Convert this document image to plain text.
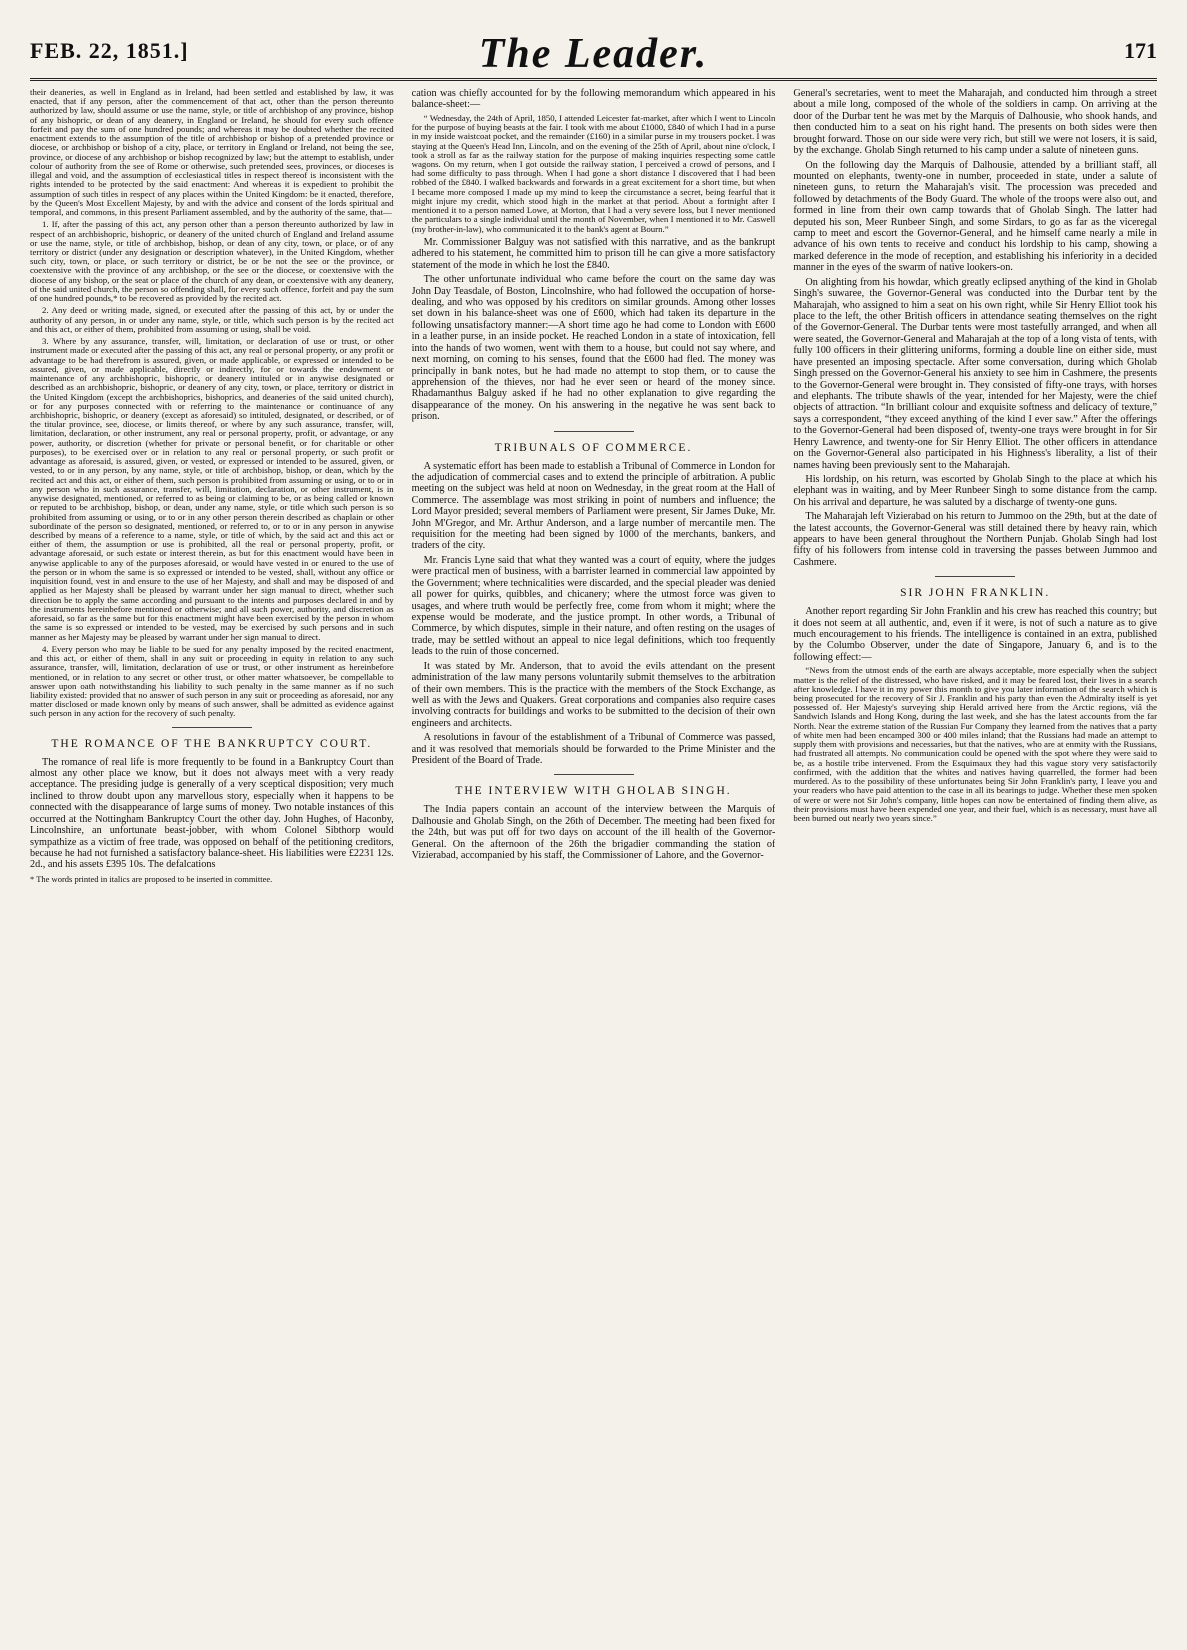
FEB. 22, 1851.]	The Leader.	171

their deaneries, as well in England as in Ireland, had been settled and established by law, it was enacted, that if any person, after the commencement of that act, other than the person thereunto authorized by law, should assume or use the name, style, or title of archbishop of any province, bishop of any bishopric, or dean of any deanery, in England or Ireland, he should for every such offence forfeit and pay the sum of one hundred pounds; and whereas it may be doubted whether the recited enactment extends to the assumption of the title of archbishop or bishop of a pretended province or diocese, or archbishop or bishop of a city, place, or territory in England or Ireland, not being the see, province, or diocese of any archbishop or bishop recognized by law; but the attempt to establish, under colour of authority from the see of Rome or otherwise, such pretended sees, provinces, or dioceses is illegal and void, and the assumption of ecclesiastical titles in respect thereof is inconsistent with the rights intended to be protected by the said enactment: And whereas it is expedient to prohibit the assumption of such titles in respect of any places within the United Kingdom: be it enacted, therefore, by the Queen's Most Excellent Majesty, by and with the advice and consent of the lords spiritual and temporal, and commons, in this present Parliament assembled, and by the authority of the same, that—

1. If, after the passing of this act, any person other than a person thereunto authorized by law in respect of an archbishopric, bishopric, or deanery of the united church of England and Ireland assume or use the name, style, or title of archbishop, bishop, or dean of any city, town, or place, or of any territory or district (under any designation or description whatever), in the United Kingdom, whether such city, town, or place, or such territory or district, be or be not the see or the province, or coextensive with the province of any archbishop, or the see or the diocese, or coextensive with the diocese of any bishop, or the seat or place of the church of any dean, or coextensive with any deanery, of the said united church, the person so offending shall, for every such offence, forfeit and pay the sum of one hundred pounds,* to be recovered as provided by the recited act.

2. Any deed or writing made, signed, or executed after the passing of this act, by or under the authority of any person, in or under any name, style, or title, which such person is by the recited act and this act, or either of them, prohibited from assuming or using, shall be void.

3. Where by any assurance, transfer, will, limitation, or declaration of use or trust, or other instrument made or executed after the passing of this act, any real or personal property, or any profit or advantage to be had therefrom is assured, given, or made applicable, or expressed or intended to be assured, given, or made applicable, directly or indirectly, for or towards the endowment or maintenance of any archbishopric, bishopric, or deanery intituled or in anywise designated or described as an archbishopric, bishopric, or deanery of any city, town, or place, territory or district in the United Kingdom (except the archbishoprics, bishoprics, and deaneries of the said united church), or for any purposes connected with or referring to the maintenance or continuance of any archbishopric, bishopric, or deanery (except as aforesaid) so intituled, designated, or described, or of the titular province, see, diocese, or limits thereof, or where by any such assurance, transfer, will, limitation, declaration, or other instrument, any real or personal property, profit, or advantage, or any power, authority, or discretion (whether for private or personal benefit, or for charitable or other purposes), to be exercised over or in relation to any real or personal property, or such profit or advantage as aforesaid, is assured, given, or vested, or expressed or intended to be assured, given, or vested, to or in any person, by any name, style, or title of archbishop, bishop, or dean, which by the recited act and this act, or either of them, such person is prohibited from assuming or using, or to or in any person who in such assurance, transfer, will, limitation, declaration, or other instrument, is in anywise designated, mentioned, or referred to as being or claiming to be, or as being called or known or reputed to be archbishop, bishop, or dean, under any name, style, or title which such person is so prohibited from assuming or using, or to or in any other person therein described as chaplain or other subordinate of the person so designated, mentioned, or referred to, or to or in any person in anywise described by means of a reference to a name, style, or title of which, by the said act and this act or either of them, the assumption or use is prohibited, all the real or personal property, profit, or advantage aforesaid, or such estate or interest therein, as but for this enactment would have been in anywise applicable to any of the purposes aforesaid, or would have vested in or enured to the use of the person or in whom the same is so expressed or intended to be vested, shall, without any office or inquisition found, vest in and ensure to the use of her Majesty, and shall and may be disposed of and applied as her Majesty shall be pleased by warrant under her sign manual to direct, whether such direction be to apply the same according and pursuant to the intents and purposes declared in and by the instruments hereinbefore mentioned or otherwise; and all such power, authority, and discretion as aforesaid, so far as the same but for this enactment might have been exercised by the person in whom the same is so expressed or intended to be vested, may be exercised by such persons and in such manner as her Majesty may be pleased by warrant under her sign manual to direct.

4. Every person who may be liable to be sued for any penalty imposed by the recited enactment, and this act, or either of them, shall in any suit or proceeding in equity in relation to any such assurance, transfer, will, limitation, declaration of use or trust, or other instrument as hereinbefore mentioned, or in relation to any secret or other trust, or other matter whatsoever, be compellable to answer upon oath notwithstanding his liability to such penalty in the same manner as if no such liability existed: provided that no answer of such person in any suit or proceeding as aforesaid, nor any matter disclosed or made known only by means of such answer, shall be admitted as evidence against such person in any action for the recovery of such penalty.

THE ROMANCE OF THE BANKRUPTCY COURT.

The romance of real life is more frequently to be found in a Bankruptcy Court than almost any other place we know, but it does not always meet with a very ready acceptance. The presiding judge is generally of a very sceptical disposition; very much inclined to throw doubt upon any marvellous story, especially when it happens to be connected with the disappearance of large sums of money. Two notable instances of this occurred at the Nottingham Bankruptcy Court the other day. John Hughes, of Haconby, Lincolnshire, an unfortunate beast-jobber, with whom Colonel Sibthorp would sympathize as a victim of free trade, was opposed on behalf of the petitioning creditors, because he had not furnished a satisfactory balance-sheet. His liabilities were £2231 12s. 2d., and his assets £395 10s. The defalcations

* The words printed in italics are proposed to be inserted in committee.

cation was chiefly accounted for by the following memorandum which appeared in his balance-sheet:—

“ Wednesday, the 24th of April, 1850, I attended Leicester fat-market, after which I went to Lincoln for the purpose of buying beasts at the fair. I took with me about £1000, £840 of which I had in a purse in my inside waistcoat pocket, and the remainder (£160) in a similar purse in my trousers pocket. I was staying at the Queen's Head Inn, Lincoln, and on the evening of the 25th of April, about nine o'clock, I took a stroll as far as the railway station for the purpose of making inquiries respecting some cattle wagons. On my return, when I got outside the railway station, I perceived a crowd of persons, and I had some difficulty to pass through. When I had gone a short distance I discovered that I had been robbed of the £840. I walked backwards and forwards in a great excitement for a short time, but when I became more composed I made up my mind to keep the circumstance a secret, being fearful that it might injure my credit, which stood high in the market at that period. About a fortnight after I mentioned it to a person named Lowe, at Morton, that I had a very severe loss, but I never mentioned the particulars to a single individual until the month of November, when I mentioned it to Mr. Caswell (my brother-in-law), who communicated it to the bank's agent at Bourn.”

Mr. Commissioner Balguy was not satisfied with this narrative, and as the bankrupt adhered to his statement, he committed him to prison till he can give a more satisfactory statement of the mode in which he lost the £840.

The other unfortunate individual who came before the court on the same day was John Day Teasdale, of Boston, Lincolnshire, who had followed the occupation of horse-dealing, and who was opposed by his creditors on similar grounds. Among other losses set down in his balance-sheet was one of £600, which had taken its departure in the following unsatisfactory manner:—A short time ago he had come to London with £600 in a leather purse, in an inside pocket. He reached London in a state of intoxication, fell into the hands of two women, went with them to a house, but could not say where, and next morning, on coming to his senses, found that the £600 had fled. The money was principally in bank notes, but he had made no attempt to stop them, or to cause the apprehension of the thieves, nor had he ever seen or heard of the money since. Rhadamanthus Balguy asked if he had no other explanation to give regarding the disappearance of the money. On his answering in the negative he was sent back to prison.

TRIBUNALS OF COMMERCE.

A systematic effort has been made to establish a Tribunal of Commerce in London for the adjudication of commercial cases and to extend the principle of arbitration. A public meeting on the subject was held at noon on Wednesday, in the great room at the Hall of Commerce. The assemblage was most striking in point of numbers and influence; the Lord Mayor presided; several members of Parliament were present, Sir James Duke, Mr. John M'Gregor, and Mr. Arthur Anderson, and a large number of mercantile men. The requisition for the meeting had been signed by 1000 of the merchants, bankers, and traders of the city.

Mr. Francis Lyne said that what they wanted was a court of equity, where the judges were practical men of business, with a barrister learned in commercial law appointed by the Government; where technicalities were discarded, and the special pleader was denied all power for quirks, quibbles, and chicanery; where the utmost force was given to usages, and where truth would be perfectly free, come from whom it might; where the expense would be moderate, and the justice prompt. In other words, a Tribunal of Commerce, by which disputes, simple in their nature, and often resting on the usages of trade, may be settled without an appeal to nice legal definitions, which too frequently leads to the ruin of those concerned.

It was stated by Mr. Anderson, that to avoid the evils attendant on the present administration of the law many persons voluntarily submit themselves to the arbitration of their own members. This is the practice with the members of the Stock Exchange, as well as with the Jews and Quakers. Great corporations and companies also require cases involving contracts for buildings and works to be submitted to the decision of their own engineers and architects.

A resolutions in favour of the establishment of a Tribunal of Commerce was passed, and it was resolved that memorials should be forwarded to the Prime Minister and the President of the Board of Trade.

THE INTERVIEW WITH GHOLAB SINGH.

The India papers contain an account of the interview between the Marquis of Dalhousie and Gholab Singh, on the 26th of December. The meeting had been fixed for the 24th, but was put off for two days on account of the ill health of the Governor-General. On the afternoon of the 26th the brigadier commanding the station of Vizierabad, accompanied by his staff, the Commissioner of Lahore, and the Governor-

General's secretaries, went to meet the Maharajah, and conducted him through a street about a mile long, composed of the whole of the soldiers in camp. On arriving at the door of the Durbar tent he was met by the Marquis of Dalhousie, who shook hands, and then conducted him to a seat on his right hand. The presents on both sides were then brought forward. Those on our side were very rich, but still we were not losers, it is said, by the exchange. Gholab Singh returned to his camp under a salute of nineteen guns.

On the following day the Marquis of Dalhousie, attended by a brilliant staff, all mounted on elephants, twenty-one in number, proceeded in state, under a salute of nineteen guns, to return the Maharajah's visit. The procession was preceded and followed by detachments of the Body Guard. The whole of the troops were also out, and formed in line from their own camp towards that of Gholab Singh. The latter had deputed his son, Meer Runbeer Singh, and some Sirdars, to go as far as the viceregal camp to meet and escort the Governor-General, and he himself came nearly a mile in advance of his own tents to receive and conduct his lordship to his camp, showing a marked deference in the mode of reception, and establishing his inferiority in a decided manner in the eyes of the swarm of native lookers-on.

On alighting from his howdar, which greatly eclipsed anything of the kind in Gholab Singh's suwaree, the Governor-General was conducted into the Durbar tent by the Maharajah, who assigned to him a seat on his own right, while Sir Henry Elliot took his place to the left, the other British officers in attendance seating themselves on the right of the Governor-General. The Durbar tents were most tastefully arranged, and when all were seated, the Governor-General and Maharajah at the top of a long vista of tents, with fully 100 officers in their glittering uniforms, forming a double line on either side, must have presented an imposing spectacle. After some conversation, during which Gholab Singh pressed on the Governor-General his anxiety to see him in Cashmere, the presents to the Governor-General were brought in. They consisted of fifty-one trays, with horses and elephants. The tribute shawls of the year, intended for her Majesty, were the chief objects of attraction. “In brilliant colour and exquisite softness and delicacy of texture,” says a correspondent, “they exceed anything of the kind I ever saw.” After the offerings to the Governor-General had been disposed of, twenty-one trays were brought in for Sir Henry Lawrence, and twenty-one for Sir Henry Elliot. The other officers in attendance on the Governor-General also participated in his Highness's liberality, a list of their names having been previously sent to the Maharajah.

His lordship, on his return, was escorted by Gholab Singh to the place at which his elephant was in waiting, and by Meer Runbeer Singh to some distance from the camp. On his arrival and departure, he was saluted by a discharge of twenty-one guns.

The Maharajah left Vizierabad on his return to Jummoo on the 29th, but at the date of the latest accounts, the Governor-General was still detained there by heavy rain, which appears to have been general throughout the Northern Punjab. Gholab Singh had lost fifty of his followers from intense cold in traversing the passes between Jummoo and Cashmere.

SIR JOHN FRANKLIN.

Another report regarding Sir John Franklin and his crew has reached this country; but it does not seem at all authentic, and, even if it were, is not of such a nature as to give much encouragement to his friends. The intelligence is contained in an extra, published by the Columbo Observer, under the date of Singapore, January 6, and is to the following effect:—

“News from the utmost ends of the earth are always acceptable, more especially when the subject matter is the relief of the distressed, who have risked, and it may be feared lost, their lives in a search after knowledge. I have it in my power this month to give you later information of the search which is being prosecuted for the recovery of Sir J. Franklin and his party than even the Admiralty itself is yet possessed of. Her Majesty's surveying ship Herald arrived here from the Arctic regions, viâ the Sandwich Islands and Hong Kong, during the last week, and she has the latest accounts from the far North. Near the extreme station of the Russian Fur Company they learned from the natives that a party of white men had been encamped 300 or 400 miles inland; that the Russians had made an attempt to supply them with provisions and necessaries, but that the natives, who are at enmity with the Russians, had frustrated all attempts. No communication could be opened with the spot where they were said to be, as a hostile tribe intervened. From the Esquimaux they had this vague story very satisfactorily confirmed, with the addition that the whites and natives having quarrelled, the former had been murdered. As to the possibility of these unfortunates being Sir John Franklin's party, I leave you and your readers who have paid attention to the case in all its bearings to judge. Whether these men spoken of were or were not Sir John's company, little hopes can now be entertained of finding them alive, as their provisions must have been expended one year, and their fuel, which is as necessary, must have all been burned out nearly two years since.”
